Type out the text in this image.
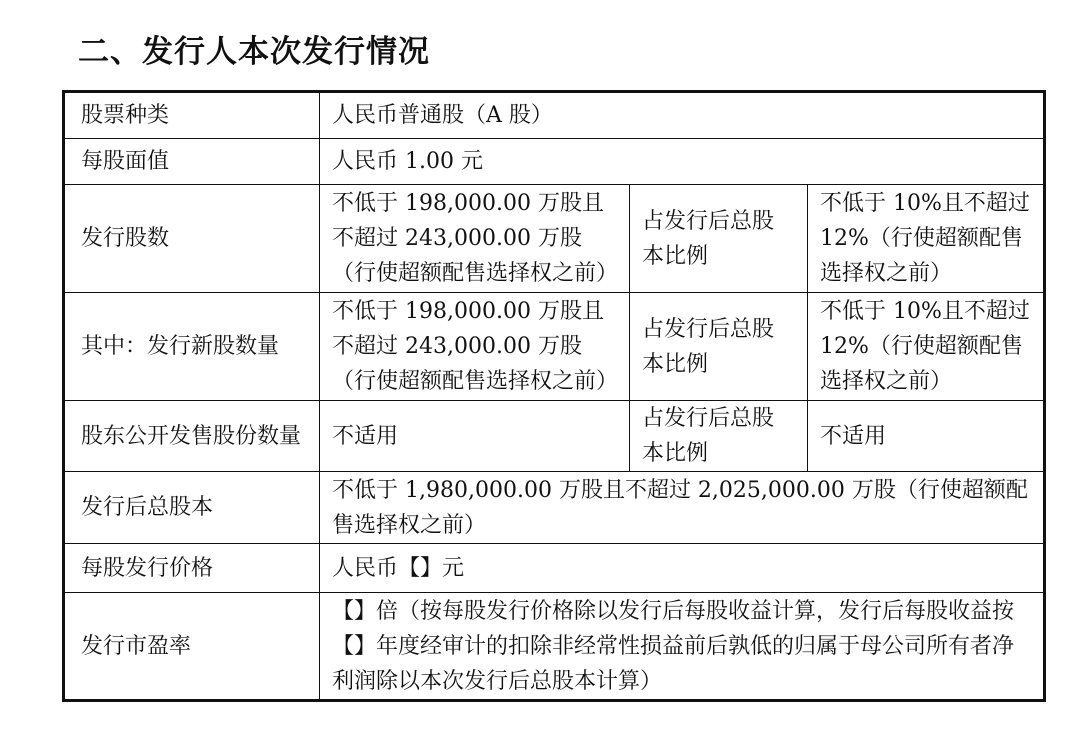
二、发行人本次发行情况
股票种类	人民币普通股（A 股）		
每股面值	人民币 1.00 元		
发行股数	不低于 198,000.00 万股且不超过 243,000.00 万股（行使超额配售选择权之前）	占发行后总股本比例	不低于 10%且不超过 12%（行使超额配售选择权之前）
其中：发行新股数量	不低于 198,000.00 万股且不超过 243,000.00 万股（行使超额配售选择权之前）	占发行后总股本比例	不低于 10%且不超过 12%（行使超额配售选择权之前）
股东公开发售股份数量	不适用	占发行后总股本比例	不适用
发行后总股本	不低于 1,980,000.00 万股且不超过 2,025,000.00 万股（行使超额配售选择权之前）		
每股发行价格	人民币【】元		
发行市盈率	【】倍（按每股发行价格除以发行后每股收益计算，发行后每股收益按【】年度经审计的扣除非经常性损益前后孰低的归属于母公司所有者净利润除以本次发行后总股本计算）		
